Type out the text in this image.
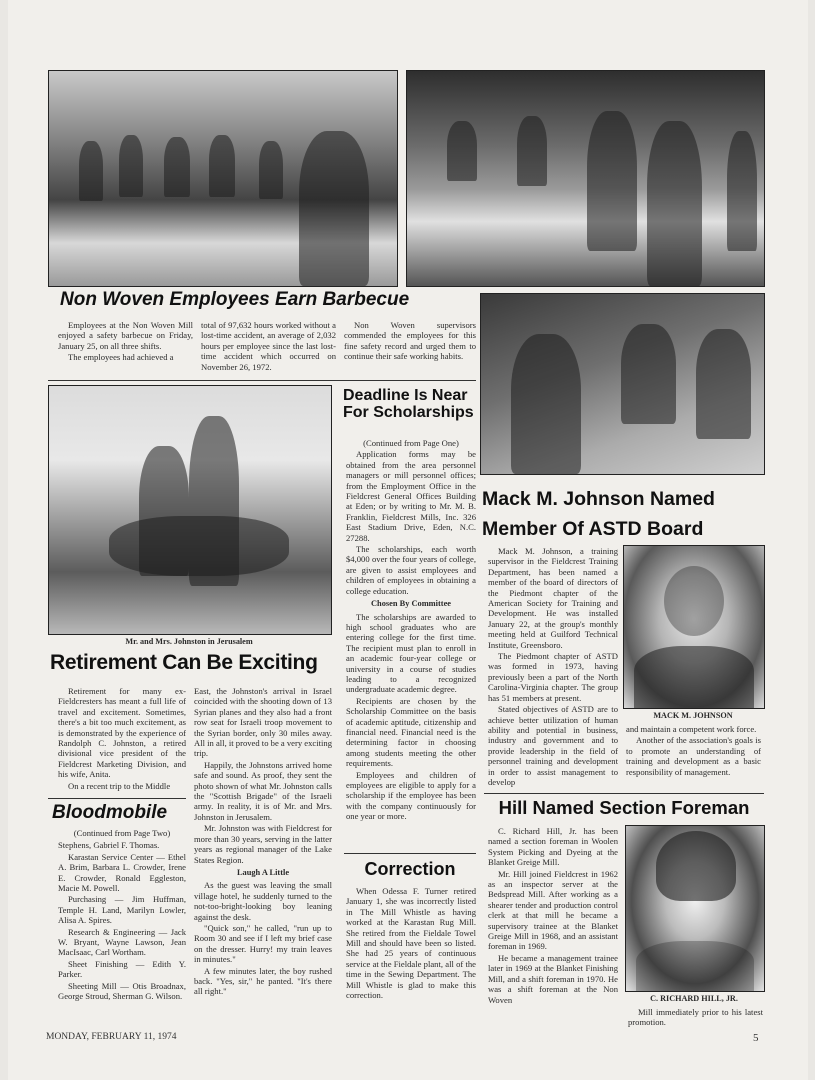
Non Woven Employees Earn Barbecue

Employees at the Non Woven Mill enjoyed a safety barbecue on Friday, January 25, on all three shifts.

The employees had achieved a

total of 97,632 hours worked without a lost-time accident, an average of 2,032 hours per employee since the last lost-time accident which occurred on November 26, 1972.

Non Woven supervisors commended the employees for this fine safety record and urged them to continue their safe working habits.

Mr. and Mrs. Johnston in Jerusalem
Retirement Can Be Exciting

Retirement for many ex-Fieldcresters has meant a full life of travel and excitement. Sometimes, there's a bit too much excitement, as is demonstrated by the experience of Randolph C. Johnston, a retired divisional vice president of the Fieldcrest Marketing Division, and his wife, Anita.

On a recent trip to the Middle

East, the Johnston's arrival in Israel coincided with the shooting down of 13 Syrian planes and they also had a front row seat for Israeli troop movement to the Syrian border, only 30 miles away. All in all, it proved to be a very exciting trip.

Happily, the Johnstons arrived home safe and sound. As proof, they sent the photo shown of what Mr. Johnston calls the "Scottish Brigade" of the Israeli army. In reality, it is of Mr. and Mrs. Johnston in Jerusalem.

Mr. Johnston was with Fieldcrest for more than 30 years, serving in the latter years as regional manager of the Lake States Region.

Laugh A Little

As the guest was leaving the small village hotel, he suddenly turned to the not-too-bright-looking boy leaning against the desk.

"Quick son," he called, "run up to Room 30 and see if I left my brief case on the dresser. Hurry! my train leaves in minutes."

A few minutes later, the boy rushed back. "Yes, sir," he panted. "It's there all right."

Bloodmobile

(Continued from Page Two)

Stephens, Gabriel F. Thomas.

Karastan Service Center — Ethel A. Brim, Barbara L. Crowder, Irene E. Crowder, Ronald Eggleston, Macie M. Powell.

Purchasing — Jim Huffman, Temple H. Land, Marilyn Lowler, Alisa A. Spires.

Research & Engineering — Jack W. Bryant, Wayne Lawson, Jean MacIsaac, Carl Wortham.

Sheet Finishing — Edith Y. Parker.

Sheeting Mill — Otis Broadnax, George Stroud, Sherman G. Wilson.

Deadline Is Near
For Scholarships

(Continued from Page One)

Application forms may be obtained from the area personnel managers or mill personnel offices; from the Employment Office in the Fieldcrest General Offices Building at Eden; or by writing to Mr. M. B. Franklin, Fieldcrest Mills, Inc. 326 East Stadium Drive, Eden, N.C. 27288.

The scholarships, each worth $4,000 over the four years of college, are given to assist employees and children of employees in obtaining a college education.

Chosen By Committee

The scholarships are awarded to high school graduates who are entering college for the first time. The recipient must plan to enroll in an academic four-year college or university in a course of studies leading to a recognized undergraduate academic degree.

Recipients are chosen by the Scholarship Committee on the basis of academic aptitude, citizenship and financial need. Financial need is the determining factor in choosing among students meeting the other requirements.

Employees and children of employees are eligible to apply for a scholarship if the employee has been with the company continuously for one year or more.

Correction

When Odessa F. Turner retired January 1, she was incorrectly listed in The Mill Whistle as having worked at the Karastan Rug Mill. She retired from the Fieldale Towel Mill and should have been so listed. She had 25 years of continuous service at the Fieldale plant, all of the time in the Sewing Department. The Mill Whistle is glad to make this correction.

Mack M. Johnson Named
Member Of ASTD Board

Mack M. Johnson, a training supervisor in the Fieldcrest Training Department, has been named a member of the board of directors of the Piedmont chapter of the American Society for Training and Development. He was installed January 22, at the group's monthly meeting held at Guilford Technical Institute, Greensboro.

The Piedmont chapter of ASTD was formed in 1973, having previously been a part of the North Carolina-Virginia chapter. The group has 51 members at present.

Stated objectives of ASTD are to achieve better utilization of human ability and potential in business, industry and government and to provide leadership in the field of personnel training and development in order to assist management to develop

MACK M. JOHNSON

and maintain a competent work force.

Another of the association's goals is to promote an understanding of training and development as a basic responsibility of management.

Hill Named Section Foreman

C. Richard Hill, Jr. has been named a section foreman in Woolen System Picking and Dyeing at the Blanket Greige Mill.

Mr. Hill joined Fieldcrest in 1962 as an inspector server at the Bedspread Mill. After working as a shearer tender and production control clerk at that mill he became a supervisory trainee at the Blanket Greige Mill in 1968, and an assistant foreman in 1969.

He became a management trainee later in 1969 at the Blanket Finishing Mill, and a shift foreman in 1970. He was a shift foreman at the Non Woven	C. RICHARD HILL, JR.

Mill immediately prior to his latest promotion.

MONDAY, FEBRUARY 11, 1974	5
